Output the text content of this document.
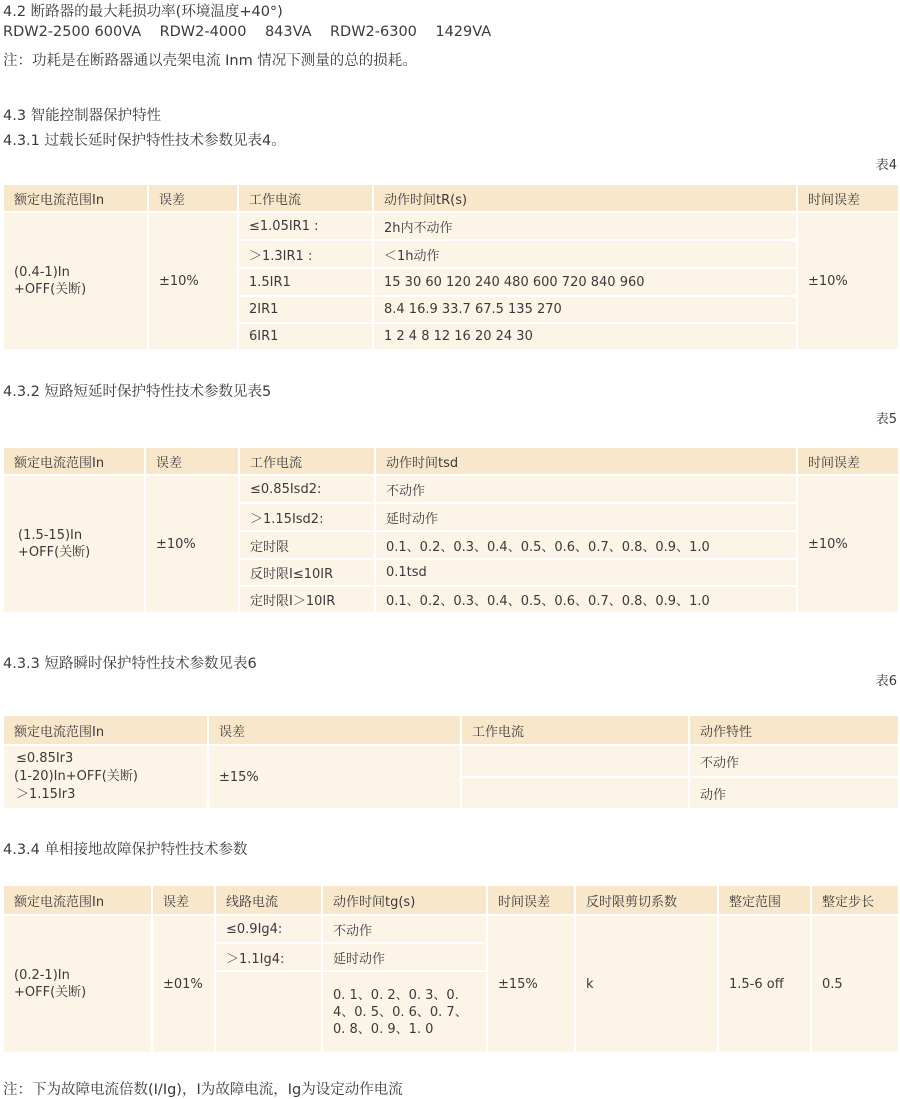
4.2 断路器的最大耗损功率(环境温度+40°)
RDW2-2500 600VA    RDW2-4000    843VA    RDW2-6300    1429VA
注：功耗是在断路器通以壳架电流 Inm 情况下测量的总的损耗。
4.3 智能控制器保护特性
4.3.1 过载长延时保护特性技术参数见表4。
表4
额定电流范围In	误差	工作电流	动作时间tR(s)	时间误差
(0.4-1)In
+OFF(关断)	±10%	≤1.05IR1 :	2h内不动作	±10%
		＞1.3IR1 :	＜1h动作	
		1.5IR1	15 30 60 120 240 480 600 720 840 960	
		2IR1	8.4 16.9 33.7 67.5 135 270	
		6IR1	1 2 4 8 12 16 20 24 30	
4.3.2 短路短延时保护特性技术参数见表5
表5
额定电流范围In	误差	工作电流	动作时间tsd	时间误差
(1.5-15)In
+OFF(关断)	±10%	≤0.85Isd2:	不动作	±10%
		＞1.15Isd2:	延时动作	
		定时限	0.1、0.2、0.3、0.4、0.5、0.6、0.7、0.8、0.9、1.0	
		反时限I≤10IR	0.1tsd	
		定时限I＞10IR	0.1、0.2、0.3、0.4、0.5、0.6、0.7、0.8、0.9、1.0	
4.3.3 短路瞬时保护特性技术参数见表6
表6
额定电流范围In	误差	工作电流	动作特性

≤0.85Ir3
(1-20)In+OFF(关断)
＞1.15Ir3	±15%		不动作
			动作
4.3.4 单相接地故障保护特性技术参数
额定电流范围In	误差	线路电流	动作时间tg(s)	时间误差	反时限剪切系数	整定范围	整定步长
(0.2-1)In
+OFF(关断)	±01%	≤0.9Ig4:	不动作	±15%	k	1.5-6 off	0.5
		＞1.1Ig4:	延时动作				
			0. 1、0. 2、0. 3、0. 4、0. 5、0. 6、0. 7、0. 8、0. 9、1. 0				
注：下为故障电流倍数(I/Ig)，I为故障电流，Ig为设定动作电流
